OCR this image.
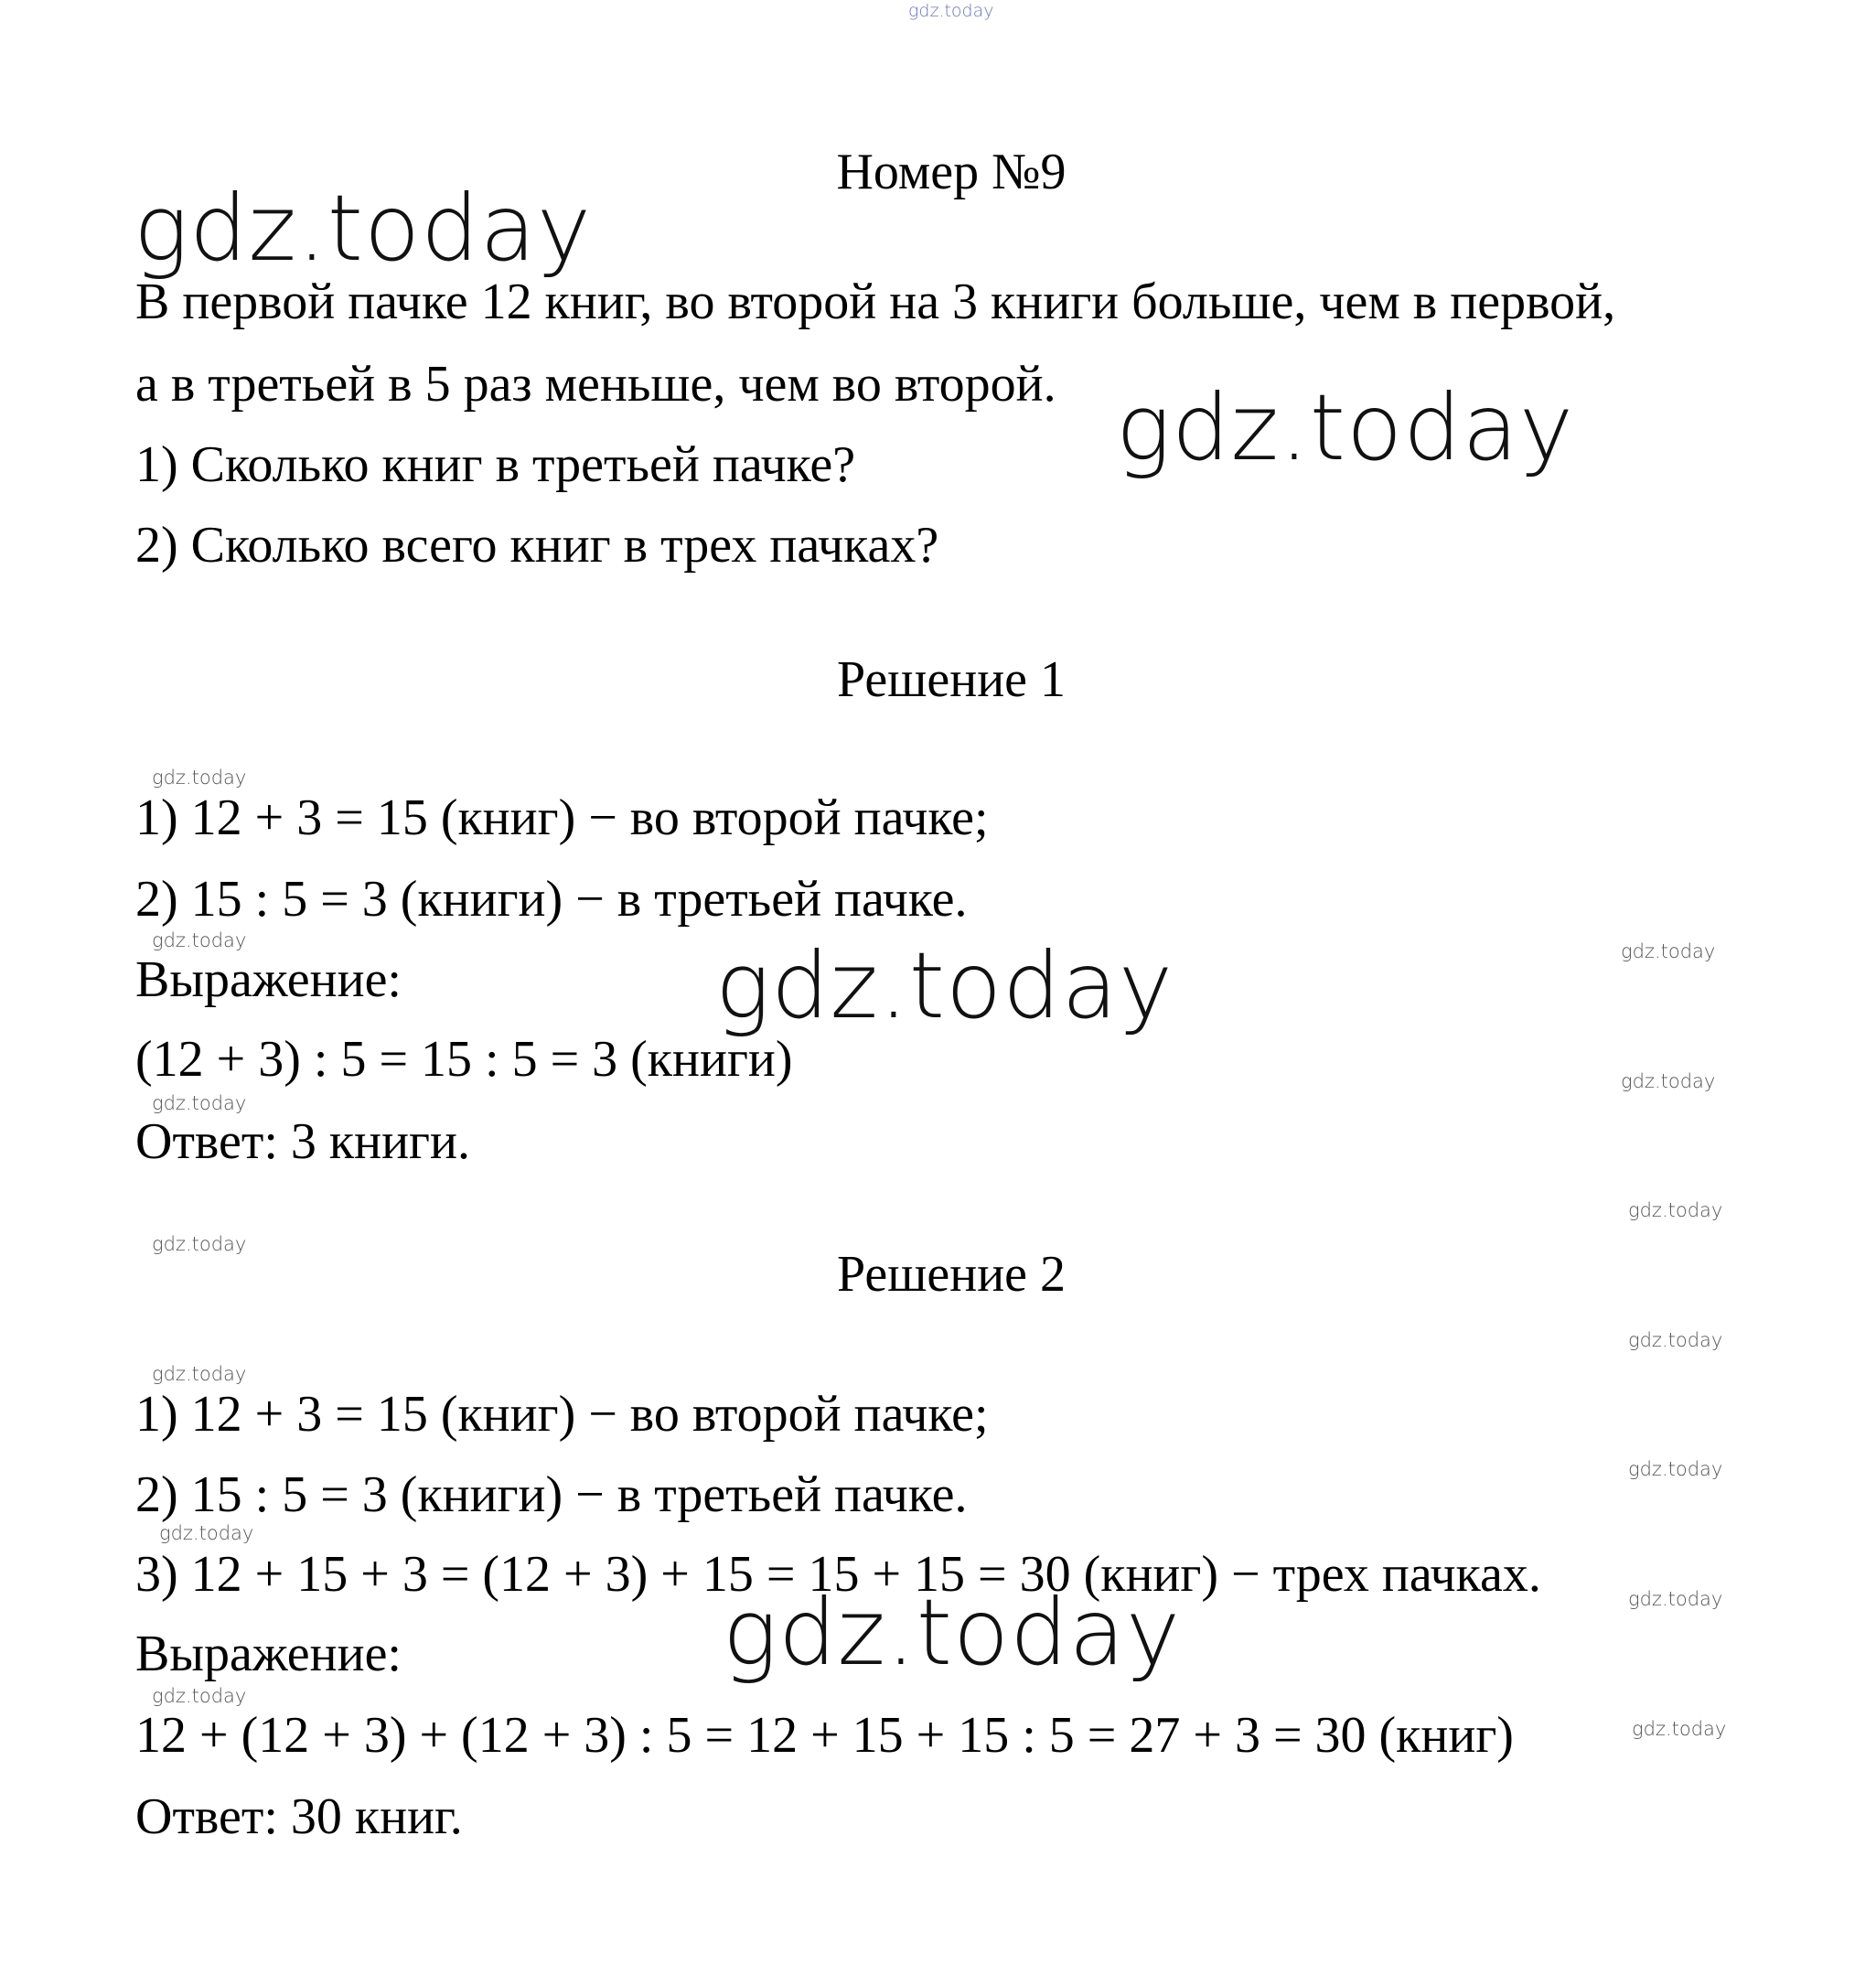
gdz.today
Номер №9
gdz.today
В первой пачке 12 книг, во второй на 3 книги больше, чем в первой,
а в третьей в 5 раз меньше, чем во второй. gdz.today
1) Сколько книг в третьей пачке?
2) Сколько всего книг в трех пачках?
Решение 1
gdz.today
1) 12 + 3 = 15 (книг) − во второй пачке;
2) 15 : 5 = 3 (книги) − в третьей пачке.
gdz.today	gdz.today
Выражение:	gdz.today
(12 + 3) : 5 = 15 : 5 = 3 (книги)	gdz.today
gdz.today
Ответ: 3 книги.
gdz.today
gdz.today
Решение 2
gdz.today
gdz.today
1) 12 + 3 = 15 (книг) − во второй пачке;
gdz.today
2) 15 : 5 = 3 (книги) − в третьей пачке.
gdz.today
3) 12 + 15 + 3 = (12 + 3) + 15 = 15 + 15 = 30 (книг) − трех пачках.	gdz.today
Выражение:	gdz.today
gdz.today
12 + (12 + 3) + (12 + 3) : 5 = 12 + 15 + 15 : 5 = 27 + 3 = 30 (книг)	gdz.today
Ответ: 30 книг.
